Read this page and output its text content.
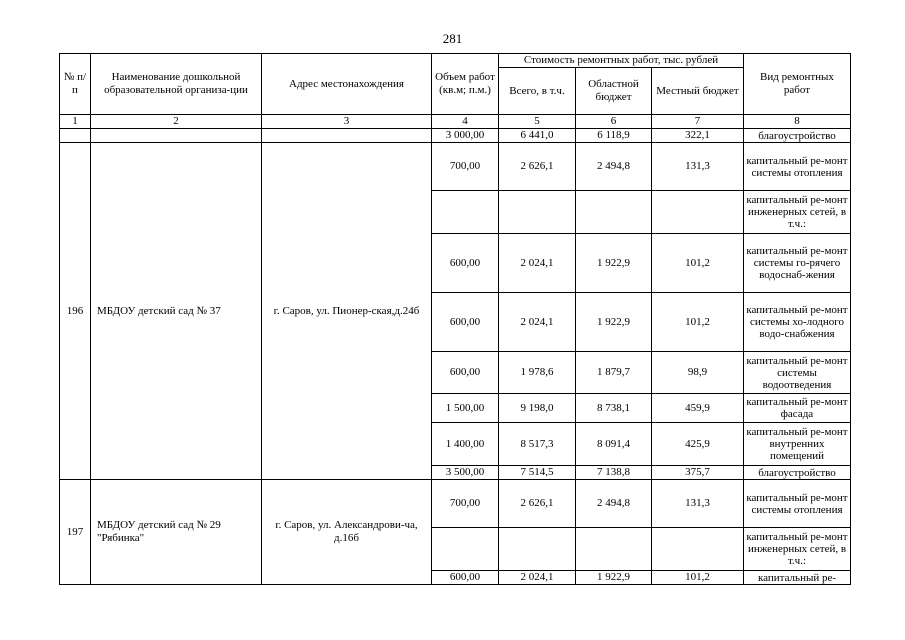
281
№ п/п	Наименование дошкольной образовательной организа-ции	Адрес местонахождения	Объем работ (кв.м; п.м.)	Стоимость ремонтных работ, тыс. рублей			Вид ремонтных работ
				Всего, в т.ч.	Областной бюджет	Местный бюджет	
1	2	3	4	5	6	7	8
			3 000,00	6 441,0	6 118,9	322,1	благоустройство
196	МБДОУ детский сад № 37	г. Саров, ул. Пионер-ская,д.24б	700,00	2 626,1	2 494,8	131,3	капитальный ре-монт системы отопления
							капитальный ре-монт инженерных сетей, в т.ч.:
			600,00	2 024,1	1 922,9	101,2	капитальный ре-монт системы го-рячего водоснаб-жения
			600,00	2 024,1	1 922,9	101,2	капитальный ре-монт системы хо-лодного водо-снабжения
			600,00	1 978,6	1 879,7	98,9	капитальный ре-монт системы водоотведения
			1 500,00	9 198,0	8 738,1	459,9	капитальный ре-монт фасада
			1 400,00	8 517,3	8 091,4	425,9	капитальный ре-монт внутренних помещений
			3 500,00	7 514,5	7 138,8	375,7	благоустройство
197	МБДОУ детский сад № 29 "Рябинка"	г. Саров, ул. Александрови-ча, д.16б	700,00	2 626,1	2 494,8	131,3	капитальный ре-монт системы отопления
							капитальный ре-монт инженерных сетей, в т.ч.:
			600,00	2 024,1	1 922,9	101,2	капитальный ре-
